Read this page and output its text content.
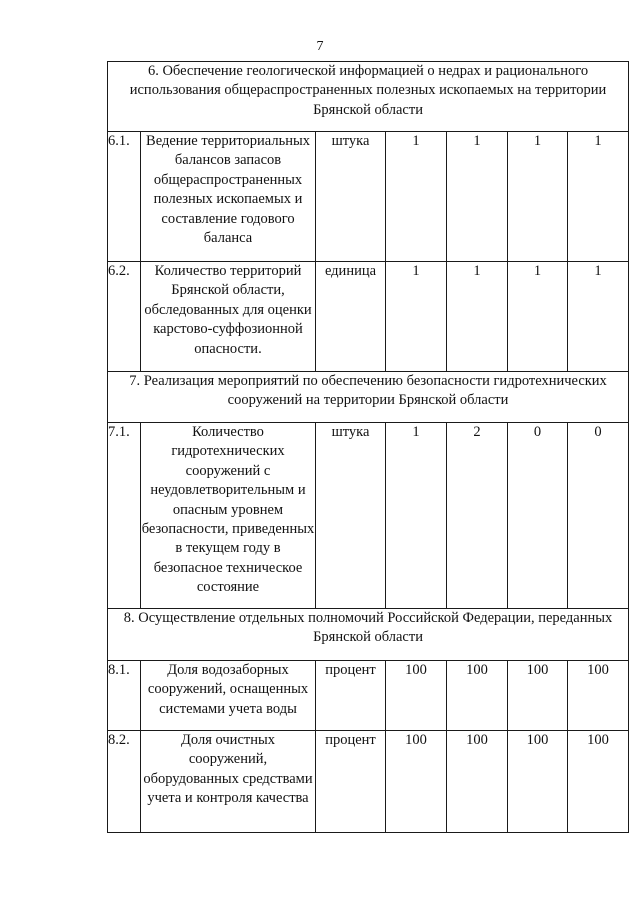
7
6. Обеспечение геологической информацией о недрах и рационального использования общераспространенных полезных ископаемых на территории Брянской области						
6.1.	Ведение территориальных балансов запасов общераспространенных полезных ископаемых и составление годового баланса	штука	1	1	1	1
6.2.	Количество территорий Брянской области, обследованных для оценки карстово-суффозионной опасности.	единица	1	1	1	1
7. Реализация мероприятий по обеспечению безопасности гидротехнических сооружений на территории Брянской области						
7.1.	Количество гидротехнических сооружений с неудовлетворительным и опасным уровнем безопасности, приведенных в текущем году в безопасное техническое состояние	штука	1	2	0	0
8. Осуществление отдельных полномочий Российской Федерации, переданных Брянской области						
8.1.	Доля водозаборных сооружений, оснащенных системами учета воды	процент	100	100	100	100
8.2.	Доля очистных сооружений, оборудованных средствами учета и контроля качества	процент	100	100	100	100
